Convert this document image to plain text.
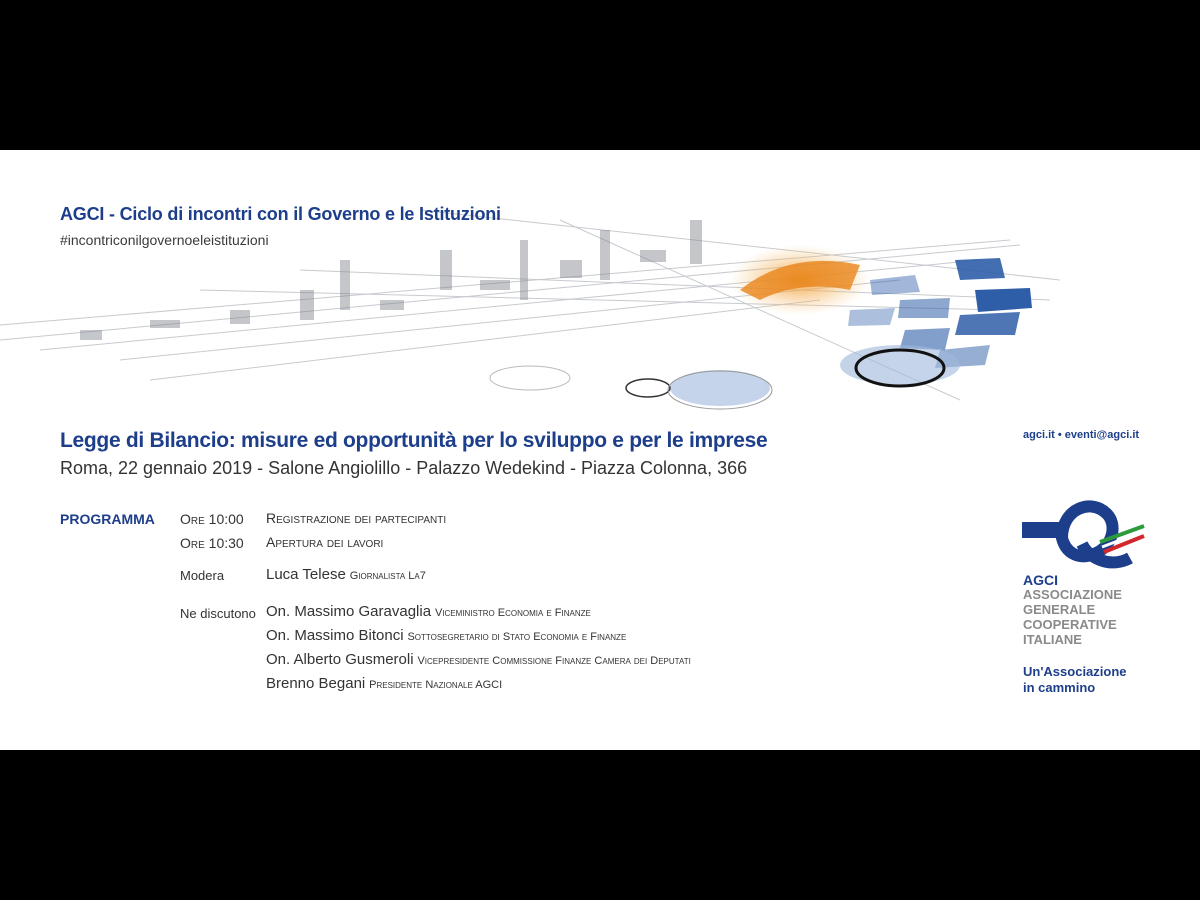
AGCI - Ciclo di incontri con il Governo e le Istituzioni
#incontriconilgovernoeleistituzioni
Legge di Bilancio: misure ed opportunità per lo sviluppo e per le imprese
Roma, 22 gennaio 2019 - Salone Angiolillo - Palazzo Wedekind - Piazza Colonna, 366
agci.it • eventi@agci.it
PROGRAMMA Ore 10:00 Registrazione dei partecipanti
Ore 10:30 Apertura dei lavori
Modera	Luca Telese Giornalista La7
Ne discutono On. Massimo Garavaglia Viceministro Economia e Finanze
On. Massimo Bitonci Sottosegretario di Stato Economia e Finanze
On. Alberto Gusmeroli Vicepresidente Commissione Finanze Camera dei Deputati
Brenno Begani Presidente Nazionale AGCI
AGCI
ASSOCIAZIONE
GENERALE
COOPERATIVE
ITALIANE
Un'Associazione
in cammino
